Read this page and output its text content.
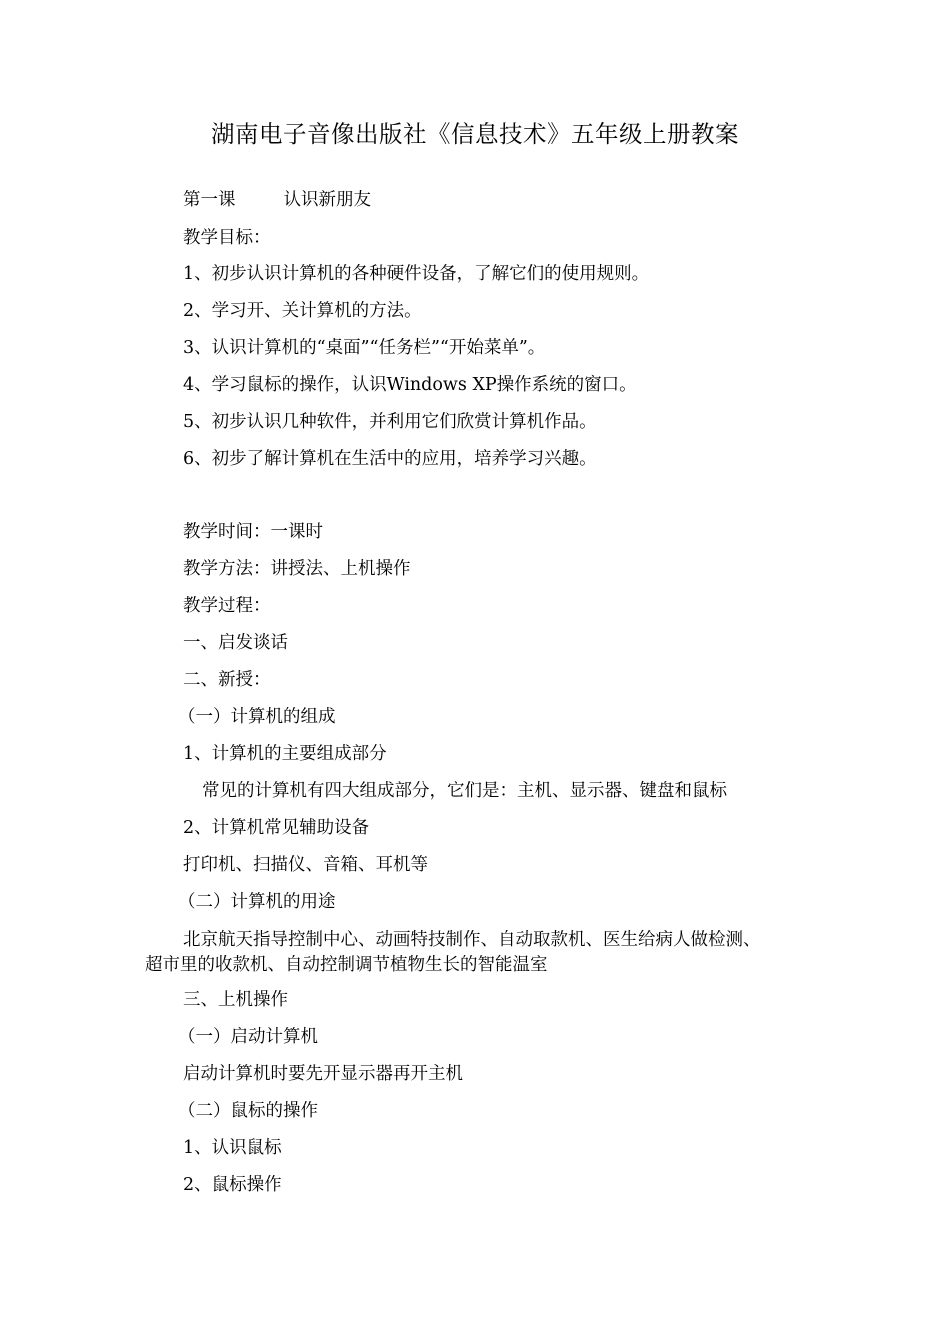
湖南电子音像出版社《信息技术》五年级上册教案
第一课	认识新朋友
教学目标：
1、初步认识计算机的各种硬件设备，了解它们的使用规则。
2、学习开、关计算机的方法。
3、认识计算机的“桌面”“任务栏”“开始菜单”。
4、学习鼠标的操作，认识Windows XP操作系统的窗口。
5、初步认识几种软件，并利用它们欣赏计算机作品。
6、初步了解计算机在生活中的应用，培养学习兴趣。
教学时间：一课时
教学方法：讲授法、上机操作
教学过程：
一、启发谈话
二、新授：
（一）计算机的组成
1、计算机的主要组成部分
常见的计算机有四大组成部分，它们是：主机、显示器、键盘和鼠标
2、计算机常见辅助设备
打印机、扫描仪、音箱、耳机等
（二）计算机的用途
北京航天指导控制中心、动画特技制作、自动取款机、医生给病人做检测、
超市里的收款机、自动控制调节植物生长的智能温室
三、上机操作
（一）启动计算机
启动计算机时要先开显示器再开主机
（二）鼠标的操作
1、认识鼠标
2、鼠标操作
